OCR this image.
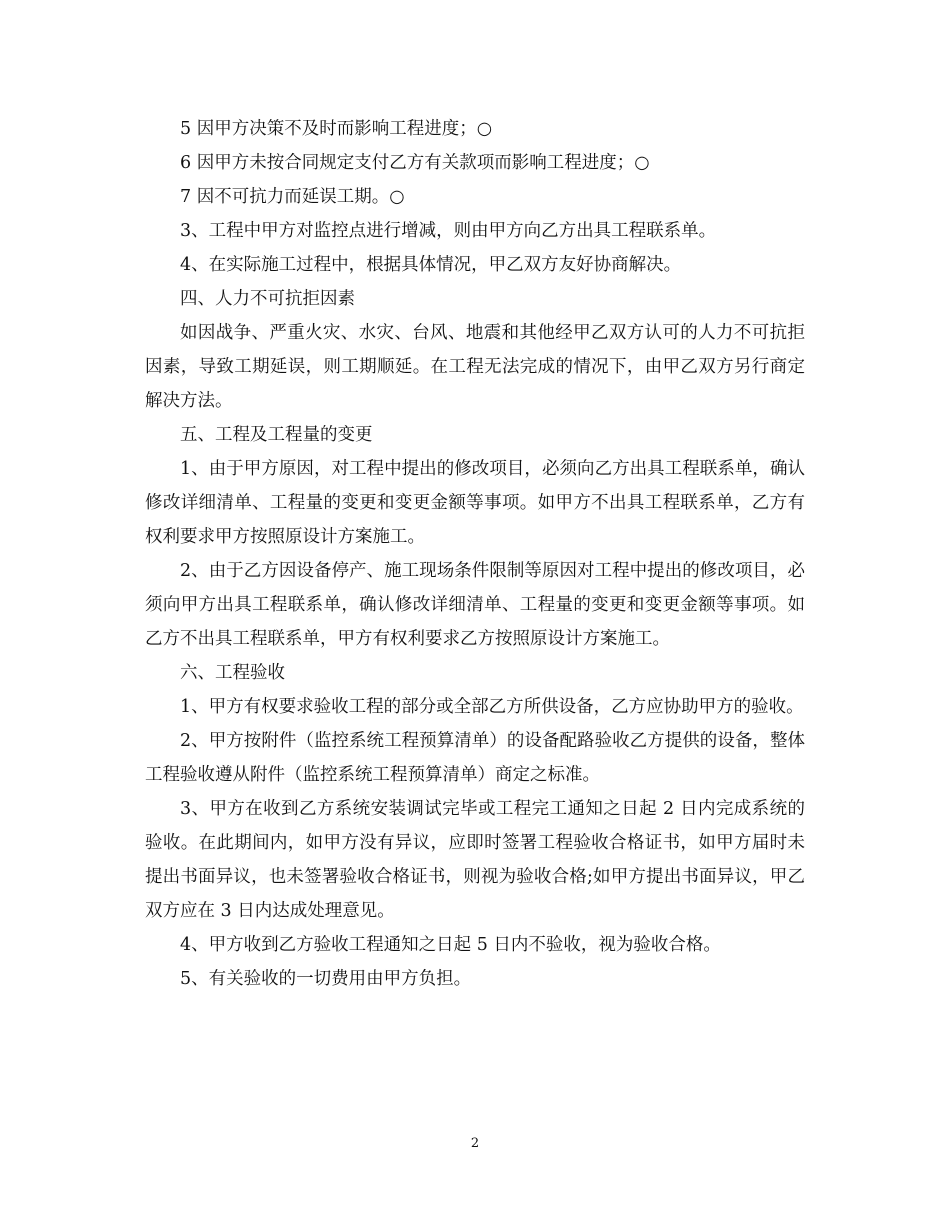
5 因甲方决策不及时而影响工程进度；○

6 因甲方未按合同规定支付乙方有关款项而影响工程进度；○

7 因不可抗力而延误工期。○

3、工程中甲方对监控点进行增减，则由甲方向乙方出具工程联系单。

4、在实际施工过程中，根据具体情况，甲乙双方友好协商解决。

四、人力不可抗拒因素

如因战争、严重火灾、水灾、台风、地震和其他经甲乙双方认可的人力不可抗拒因素，导致工期延误，则工期顺延。在工程无法完成的情况下，由甲乙双方另行商定解决方法。

五、工程及工程量的变更

1、由于甲方原因，对工程中提出的修改项目，必须向乙方出具工程联系单，确认修改详细清单、工程量的变更和变更金额等事项。如甲方不出具工程联系单，乙方有权利要求甲方按照原设计方案施工。

2、由于乙方因设备停产、施工现场条件限制等原因对工程中提出的修改项目，必须向甲方出具工程联系单，确认修改详细清单、工程量的变更和变更金额等事项。如乙方不出具工程联系单，甲方有权利要求乙方按照原设计方案施工。

六、工程验收

1、甲方有权要求验收工程的部分或全部乙方所供设备，乙方应协助甲方的验收。

2、甲方按附件（监控系统工程预算清单）的设备配路验收乙方提供的设备，整体工程验收遵从附件（监控系统工程预算清单）商定之标准。

3、甲方在收到乙方系统安装调试完毕或工程完工通知之日起 2 日内完成系统的验收。在此期间内，如甲方没有异议，应即时签署工程验收合格证书，如甲方届时未提出书面异议，也未签署验收合格证书，则视为验收合格;如甲方提出书面异议，甲乙双方应在 3 日内达成处理意见。

4、甲方收到乙方验收工程通知之日起 5 日内不验收，视为验收合格。

5、有关验收的一切费用由甲方负担。

2
